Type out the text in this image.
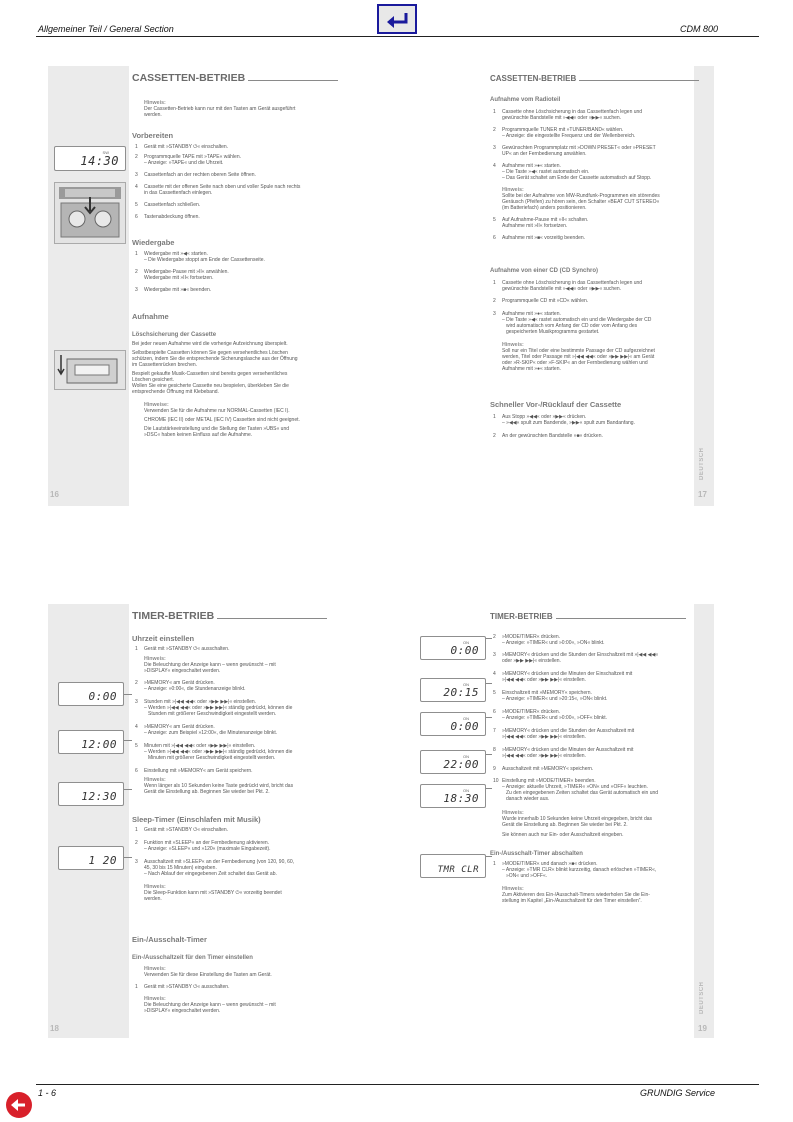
Allgemeiner Teil / General Section	CDM 800
16
SW
14:30
CASSETTEN-BETRIEB
Hinweis:
Der Cassetten-Betrieb kann nur mit den Tasten am Gerät ausgeführt
werden.
Vorbereiten
1 Gerät mit »STANDBY ⏻« einschalten.
2 Programmquelle TAPE mit »TAPE« wählen.
– Anzeige: »TAPE« und die Uhrzeit.
3 Cassettenfach an der rechten oberen Seite öffnen.
4 Cassette mit der offenen Seite nach oben und voller Spule nach rechts
in das Cassettenfach einlegen.
5 Cassettenfach schließen.
6 Tastenabdeckung öffnen.
Wiedergabe
1 Wiedergabe mit »◀« starten.
– Die Wiedergabe stoppt am Ende der Cassettenseite.
2 Wiedergabe-Pause mit »II« anwählen.
Wiedergabe mit »II« fortsetzen.
3 Wiedergabe mit »■« beenden.
Aufnahme
Löschsicherung der Cassette
Bei jeder neuen Aufnahme wird die vorherige Aufzeichnung überspielt.
Selbstbespielte Cassetten können Sie gegen versehentliches Löschen
schützen, indem Sie die entsprechende Sicherungslasche aus der Öffnung
im Cassettenrücken brechen.
Bespielt gekaufte Musik-Cassetten sind bereits gegen versehentliches
Löschen gesichert.
Wollen Sie eine gesicherte Cassette neu bespielen, überkleben Sie die
entsprechende Öffnung mit Klebeband.
Hinweise:
Verwenden Sie für die Aufnahme nur NORMAL-Cassetten (IEC I).
CHROME (IEC II) oder METAL (IEC IV) Cassetten sind nicht geeignet.
Die Lautstärkeeinstellung und die Stellung der Tasten »UBS« und
»DSC« haben keinen Einfluss auf die Aufnahme.
17
DEUTSCH
CASSETTEN-BETRIEB
Aufnahme vom Radioteil
1 Cassette ohne Löschsicherung in das Cassettenfach legen und
gewünschte Bandstelle mit »◀◀« oder »▶▶« suchen.
2 Programmquelle TUNER mit »TUNER/BAND« wählen.
– Anzeige: die eingestellte Frequenz und der Wellenbereich.
3 Gewünschten Programmplatz mit »DOWN PRESET« oder »PRESET
UP« an der Fernbedienung anwählen.
4 Aufnahme mit »●« starten.
– Die Taste »◀« rastet automatisch ein.
– Das Gerät schaltet am Ende der Cassette automatisch auf Stopp.
Hinweis:
Sollte bei der Aufnahme von MW-Rundfunk-Programmen ein störendes
Geräusch (Pfeifen) zu hören sein, den Schalter »BEAT CUT STEREO«
(im Batteriefach) anders positionieren.
5 Auf Aufnahme-Pause mit »II« schalten.
Aufnahme mit »II« fortsetzen.
6 Aufnahme mit »■« vorzeitig beenden.
Aufnahme von einer CD (CD Synchro)
1 Cassette ohne Löschsicherung in das Cassettenfach legen und
gewünschte Bandstelle mit »◀◀« oder »▶▶« suchen.
2 Programmquelle CD mit »CD« wählen.
3 Aufnahme mit »●« starten.
– Die Taste »◀« rastet automatisch ein und die Wiedergabe der CD
wird automatisch vom Anfang der CD oder vom Anfang des
gespeicherten Musikprogramms gestartet.
Hinweis:
Soll nur ein Titel oder eine bestimmte Passage der CD aufgezeichnet
werden, Titel oder Passage mit »|◀◀ ◀◀« oder »▶▶ ▶▶|« am Gerät
oder »R-SKIP« oder »F-SKIP« an der Fernbedienung wählen und
Aufnahme mit »●« starten.
Schneller Vor-/Rücklauf der Cassette
1 Aus Stopp »◀◀« oder »▶▶« drücken.
– »◀◀« spult zum Bandende, »▶▶« spult zum Bandanfang.
2 An der gewünschten Bandstelle »■« drücken.
18
0:00
12:00
12:30
1 20
TIMER-BETRIEB
Uhrzeit einstellen
1 Gerät mit »STANDBY ⏻« ausschalten.
Hinweis:
Die Beleuchtung der Anzeige kann – wenn gewünscht – mit
»DISPLAY« eingeschaltet werden.
2 »MEMORY« am Gerät drücken.
– Anzeige: »0:00«, die Stundenanzeige blinkt.
3 Stunden mit »|◀◀ ◀◀« oder »▶▶ ▶▶|« einstellen.
– Werden »|◀◀ ◀◀« oder »▶▶ ▶▶|« ständig gedrückt, können die
Stunden mit größerer Geschwindigkeit eingestellt werden.
4 »MEMORY« am Gerät drücken.
– Anzeige: zum Beispiel »12:00«, die Minutenanzeige blinkt.
5 Minuten mit »|◀◀ ◀◀« oder »▶▶ ▶▶|« einstellen.
– Werden »|◀◀ ◀◀« oder »▶▶ ▶▶|« ständig gedrückt, können die
Minuten mit größerer Geschwindigkeit eingestellt werden.
6 Einstellung mit »MEMORY« am Gerät speichern.
Hinweis:
Wenn länger als 10 Sekunden keine Taste gedrückt wird, bricht das
Gerät die Einstellung ab. Beginnen Sie wieder bei Pkt. 2.
Sleep-Timer (Einschlafen mit Musik)
1 Gerät mit »STANDBY ⏻« einschalten.
2 Funktion mit »SLEEP« an der Fernbedienung aktivieren.
– Anzeige: »SLEEP« und »120« (maximale Eingabezeit).
3 Ausschaltzeit mit »SLEEP« an der Fernbedienung (von 120, 90, 60,
45, 30 bis 15 Minuten) eingeben.
– Nach Ablauf der eingegebenen Zeit schaltet das Gerät ab.
Hinweis:
Die Sleep-Funktion kann mit »STANDBY ⏻« vorzeitig beendet
werden.
Ein-/Ausschalt-Timer
Ein-/Ausschaltzeit für den Timer einstellen
Hinweis:
Verwenden Sie für diese Einstellung die Tasten am Gerät.
1 Gerät mit »STANDBY ⏻« ausschalten.
Hinweis:
Die Beleuchtung der Anzeige kann – wenn gewünscht – mit
»DISPLAY« eingeschaltet werden.
19
DEUTSCH
ON
0:00
ON
20:15
ON
0:00
ON
22:00
ON
18:30
TMR CLR
TIMER-BETRIEB
2 »MODE/TIMER« drücken.
– Anzeige: »TIMER« und »0:00«, »ON« blinkt.
3 »MEMORY« drücken und die Stunden der Einschaltzeit mit »|◀◀ ◀◀«
oder »▶▶ ▶▶|« einstellen.
4 »MEMORY« drücken und die Minuten der Einschaltzeit mit
»|◀◀ ◀◀« oder »▶▶ ▶▶|« einstellen.
5 Einschaltzeit mit »MEMORY« speichern.
– Anzeige: »TIMER« und »20:15«, »ON« blinkt.
6 »MODE/TIMER« drücken.
– Anzeige: »TIMER« und »0:00«, »OFF« blinkt.
7 »MEMORY« drücken und die Stunden der Ausschaltzeit mit
»|◀◀ ◀◀« oder »▶▶ ▶▶|« einstellen.
8 »MEMORY« drücken und die Minuten der Ausschaltzeit mit
»|◀◀ ◀◀« oder »▶▶ ▶▶|« einstellen.
9 Ausschaltzeit mit »MEMORY« speichern.
10 Einstellung mit »MODE/TIMER« beenden.
– Anzeige: aktuelle Uhrzeit, »TIMER« »ON« und »OFF« leuchten.
Zu den eingegebenen Zeiten schaltet das Gerät automatisch ein und
danach wieder aus.
Hinweis:
Wurde innerhalb 10 Sekunden keine Uhrzeit eingegeben, bricht das
Gerät die Einstellung ab. Beginnen Sie wieder bei Pkt. 2.
Sie können auch nur Ein- oder Ausschaltzeit eingeben.
Ein-/Ausschalt-Timer abschalten
1 »MODE/TIMER« und danach »■« drücken.
– Anzeige: »TMR CLR« blinkt kurzzeitig, danach erlöschen »TIMER«,
»ON« und »OFF«.
Hinweis:
Zum Aktivieren des Ein-/Ausschalt-Timers wiederholen Sie die Ein-
stellung im Kapitel „Ein-/Ausschaltzeit für den Timer einstellen“.
1 - 6	GRUNDIG Service
